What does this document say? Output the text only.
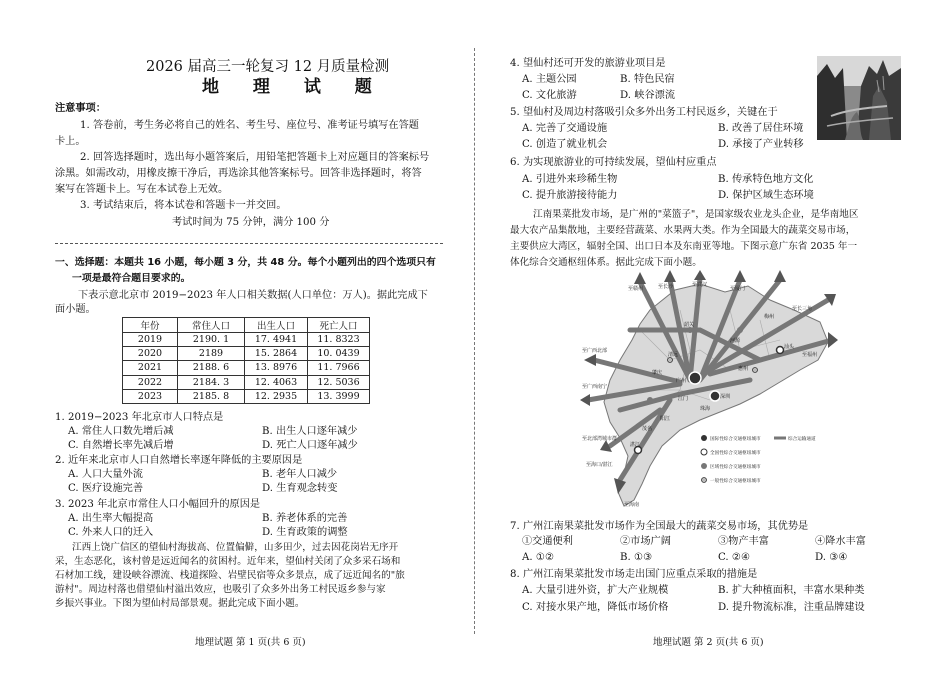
2026 届高三一轮复习 12 月质量检测
地 理 试 题
注意事项：
1. 答卷前，考生务必将自己的姓名、考生号、座位号、准考证号填写在答题
卡上。
2. 回答选择题时，选出每小题答案后，用铅笔把答题卡上对应题目的答案标号
涂黑。如需改动，用橡皮擦干净后，再选涂其他答案标号。回答非选择题时，将答
案写在答题卡上。写在本试卷上无效。
3. 考试结束后，将本试卷和答题卡一并交回。
考试时间为 75 分钟，满分 100 分
一、选择题：本题共 16 小题，每小题 3 分，共 48 分。每个小题列出的四个选项只有
一项是最符合题目要求的。
下表示意北京市 2019−2023 年人口相关数据(人口单位：万人)。据此完成下
面小题。
年份	常住人口	出生人口	死亡人口
2019	2190. 1	17. 4941	11. 8323
2020	2189	15. 2864	10. 0439
2021	2188. 6	13. 8976	11. 7966
2022	2184. 3	12. 4063	12. 5036
2023	2185. 8	12. 2935	13. 3999
1. 2019−2023 年北京市人口特点是
A. 常住人口数先增后减	B. 出生人口逐年减少
C. 自然增长率先减后增	D. 死亡人口逐年减少
2. 近年来北京市人口自然增长率逐年降低的主要原因是
A. 人口大量外流	B. 老年人口减少
C. 医疗设施完善	D. 生育观念转变
3. 2023 年北京市常住人口小幅回升的原因是
A. 出生率大幅提高	B. 养老体系的完善
C. 外来人口的迁入	D. 生育政策的调整
江西上饶广信区的望仙村海拔高、位置偏僻，山多田少，过去因花岗岩无序开
采，生态恶化，该村曾是远近闻名的贫困村。近年来，望仙村关闭了众多采石场和
石材加工线，建设峡谷漂流、栈道探险、岩壁民宿等众多景点，成了远近闻名的"旅
游村"。周边村落也借望仙村溢出效应，也吸引了众多外出务工村民返乡参与家
乡振兴事业。下图为望仙村局部景观。据此完成下面小题。
地理试题 第 1 页(共 6 页)
4. 望仙村还可开发的旅游业项目是
A. 主题公园	B. 特色民宿
C. 文化旅游	D. 峡谷漂流
5. 望仙村及周边村落吸引众多外出务工村民返乡，关键在于
A. 完善了交通设施	B. 改善了居住环境
C. 创造了就业机会	D. 承接了产业转移
6. 为实现旅游业的可持续发展，望仙村应重点
A. 引进外来珍稀生物	B. 传承特色地方文化
C. 提升旅游接待能力	D. 保护区域生态环境
江南果菜批发市场，是广州的"菜篮子"，是国家级农业龙头企业，是华南地区
最大农产品集散地，主要经营蔬菜、水果两大类。作为全国最大的蔬菜交易市场，
主要供应大湾区，辐射全国、出口日本及东南亚等地。下图示意广东省 2035 年一
体化综合交通枢纽体系。据此完成下面小题。
至赣州	至长沙	至武汉
至厦门
至长三角
至福州
至广西北部
至广西南宁
至北部湾城市群
至海南
至海口/湛江
韶关
清远
广州
深圳
珠海
湛江
汕头
肇庆
阳江
茂名
梅州
河源
惠州
江门
国际性综合交通枢纽城市	综合运输通道
全国性综合交通枢纽城市
区域性综合交通枢纽城市
一般性综合交通枢纽城市
7. 广州江南果菜批发市场作为全国最大的蔬菜交易市场，其优势是
①交通便利	②市场广阔	③物产丰富	④降水丰富
A. ①②	B. ①③	C. ②④	D. ③④
8. 广州江南果菜批发市场走出国门应重点采取的措施是
A. 大量引进外资，扩大产业规模	B. 扩大种植面积，丰富水果种类
C. 对接水果产地，降低市场价格	D. 提升物流标准，注重品牌建设
地理试题 第 2 页(共 6 页)
